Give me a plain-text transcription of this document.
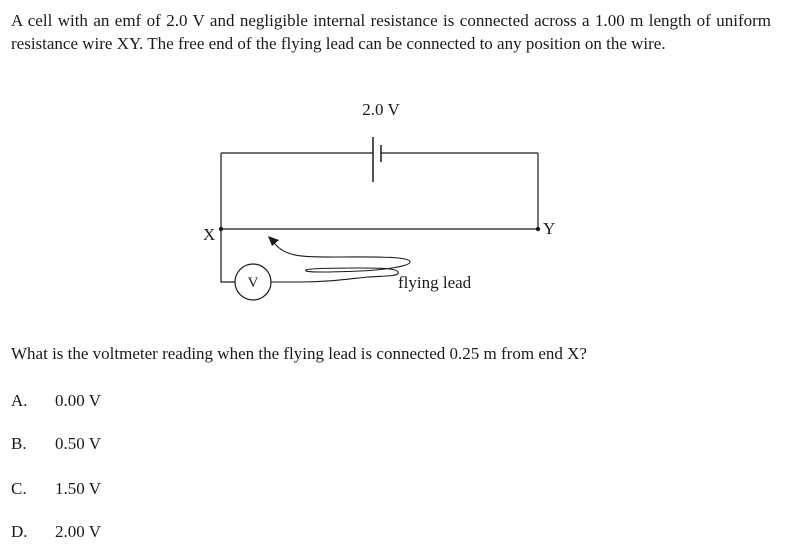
A cell with an emf of 2.0 V and negligible internal resistance is connected across a 1.00 m length of uniform resistance wire XY. The free end of the flying lead can be connected to any position on the wire.

2.0 V
X	Y
V	flying lead

What is the voltmeter reading when the flying lead is connected 0.25 m from end X?

A. 0.00 V
B. 0.50 V
C. 1.50 V
D. 2.00 V
